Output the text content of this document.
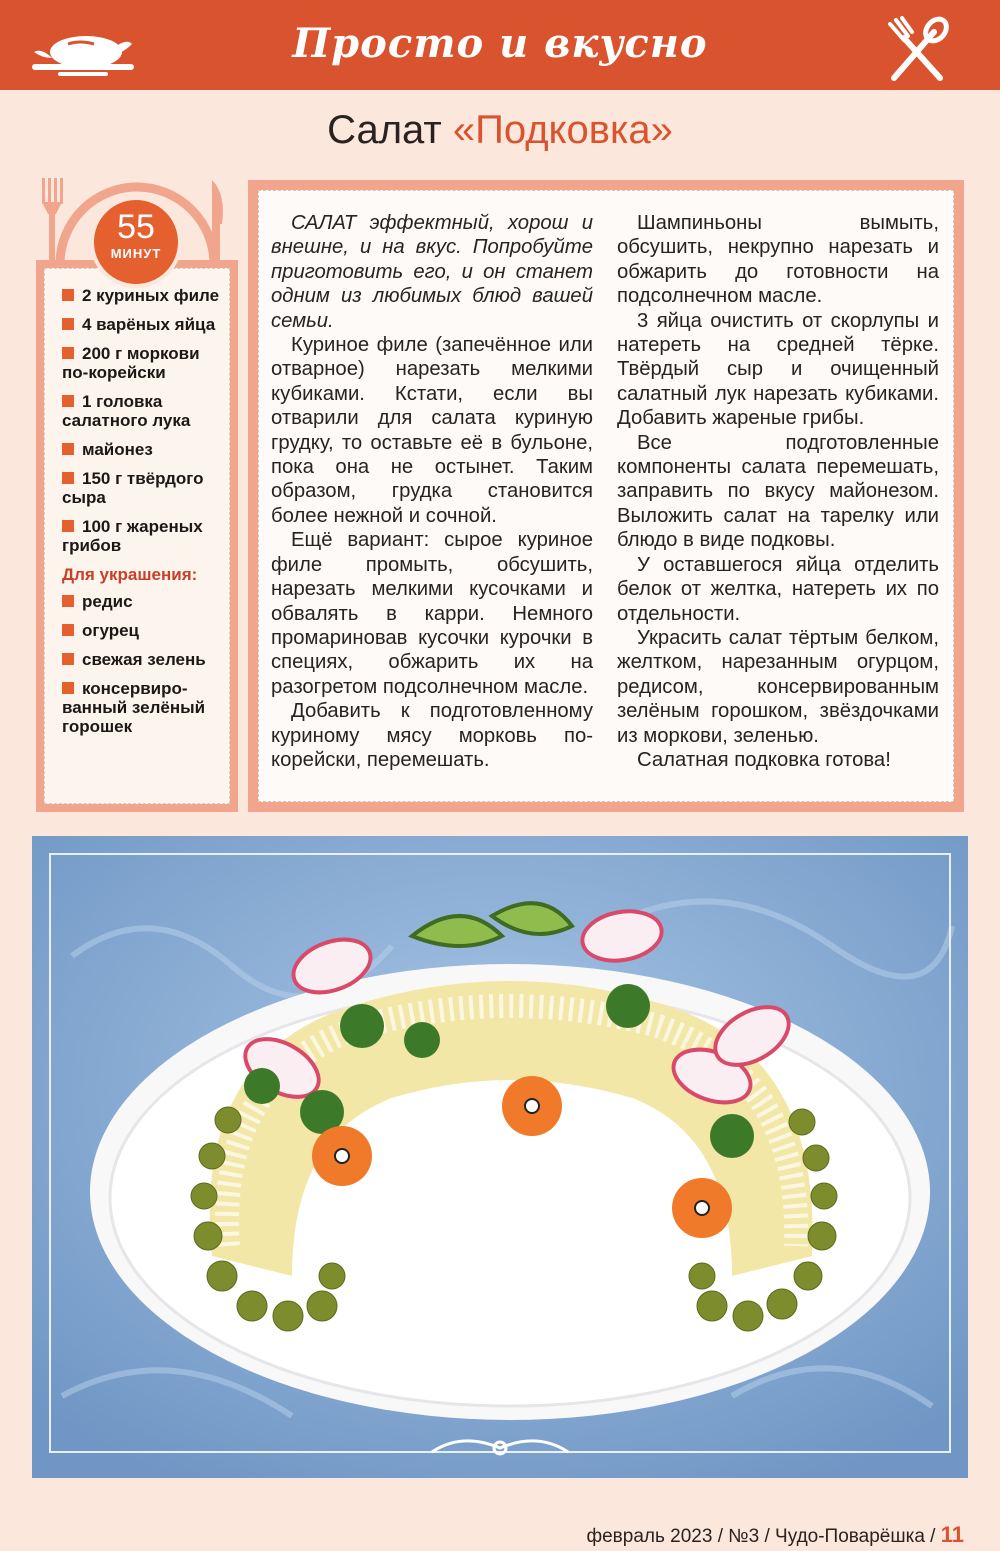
Просто и вкусно
Салат «Подковка»
55
МИНУТ
2 куриных филе
4 варёных яйца
200 г моркови по-корейски
1 головка салатного лука
майонез
150 г твёрдого сыра
100 г жареных грибов
Для украшения:
редис
огурец
свежая зелень
консервиро-ванный зелёный горошек

САЛАТ эффектный, хорош и внешне, и на вкус. Попробуйте приготовить его, и он станет одним из любимых блюд вашей семьи.

Куриное филе (запечённое или отварное) нарезать мелкими кубиками. Кстати, если вы отварили для салата куриную грудку, то оставьте её в бульоне, пока она не остынет. Таким образом, грудка становится более нежной и сочной.

Ещё вариант: сырое куриное филе промыть, обсушить, нарезать мелкими кусочками и обвалять в карри. Немного промариновав кусочки курочки в специях, обжарить их на разогретом подсолнечном масле.

Добавить к подготовленному куриному мясу морковь по-корейски, перемешать.

Шампиньоны вымыть, обсушить, некрупно нарезать и обжарить до готовности на подсолнечном масле.

3 яйца очистить от скорлупы и натереть на средней тёрке. Твёрдый сыр и очищенный салатный лук нарезать кубиками. Добавить жареные грибы.

Все подготовленные компоненты салата перемешать, заправить по вкусу майонезом. Выложить салат на тарелку или блюдо в виде подковы.

У оставшегося яйца отделить белок от желтка, натереть их по отдельности.

Украсить салат тёртым белком, желтком, нарезанным огурцом, редисом, консервированным зелёным горошком, звёздочками из моркови, зеленью.

Салатная подковка готова!

февраль 2023 / №3 / Чудо-Поварёшка / 11
